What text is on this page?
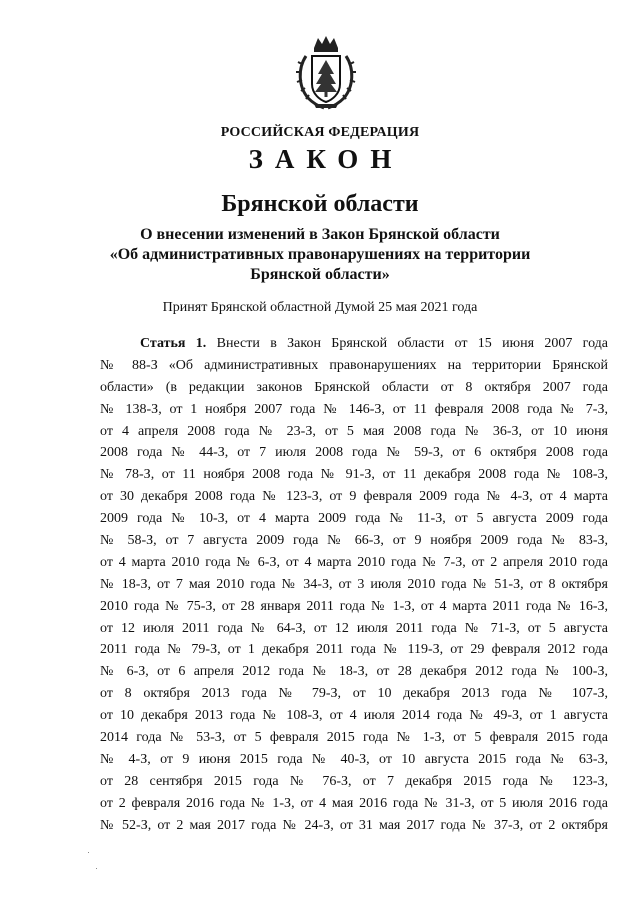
РОССИЙСКАЯ ФЕДЕРАЦИЯ
ЗАКОН
Брянской области
О внесении изменений в Закон Брянской области
«Об административных правонарушениях на территории
Брянской области»
Принят Брянской областной Думой 25 мая 2021 года
Статья 1. Внести в Закон Брянской области от 15 июня 2007 года
№ 88-З «Об административных правонарушениях на территории Брянской
области» (в редакции законов Брянской области от 8 октября 2007 года
№ 138-З, от 1 ноября 2007 года № 146-З, от 11 февраля 2008 года № 7-З,
от 4 апреля 2008 года № 23-З, от 5 мая 2008 года № 36-З, от 10 июня
2008 года № 44-З, от 7 июля 2008 года № 59-З, от 6 октября 2008 года
№ 78-З, от 11 ноября 2008 года № 91-З, от 11 декабря 2008 года № 108-З,
от 30 декабря 2008 года № 123-З, от 9 февраля 2009 года № 4-З, от 4 марта
2009 года № 10-З, от 4 марта 2009 года № 11-З, от 5 августа 2009 года
№ 58-З, от 7 августа 2009 года № 66-З, от 9 ноября 2009 года № 83-З,
от 4 марта 2010 года № 6-З, от 4 марта 2010 года № 7-З, от 2 апреля 2010 года
№ 18-З, от 7 мая 2010 года № 34-З, от 3 июля 2010 года № 51-З, от 8 октября
2010 года № 75-З, от 28 января 2011 года № 1-З, от 4 марта 2011 года № 16-З,
от 12 июля 2011 года № 64-З, от 12 июля 2011 года № 71-З, от 5 августа
2011 года № 79-З, от 1 декабря 2011 года № 119-З, от 29 февраля 2012 года
№ 6-З, от 6 апреля 2012 года № 18-З, от 28 декабря 2012 года № 100-З,
от 8 октября 2013 года № 79-З, от 10 декабря 2013 года № 107-З,
от 10 декабря 2013 года № 108-З, от 4 июля 2014 года № 49-З, от 1 августа
2014 года № 53-З, от 5 февраля 2015 года № 1-З, от 5 февраля 2015 года
№ 4-З, от 9 июня 2015 года № 40-З, от 10 августа 2015 года № 63-З,
от 28 сентября 2015 года № 76-З, от 7 декабря 2015 года № 123-З,
от 2 февраля 2016 года № 1-З, от 4 мая 2016 года № 31-З, от 5 июля 2016 года
№ 52-З, от 2 мая 2017 года № 24-З, от 31 мая 2017 года № 37-З, от 2 октября
